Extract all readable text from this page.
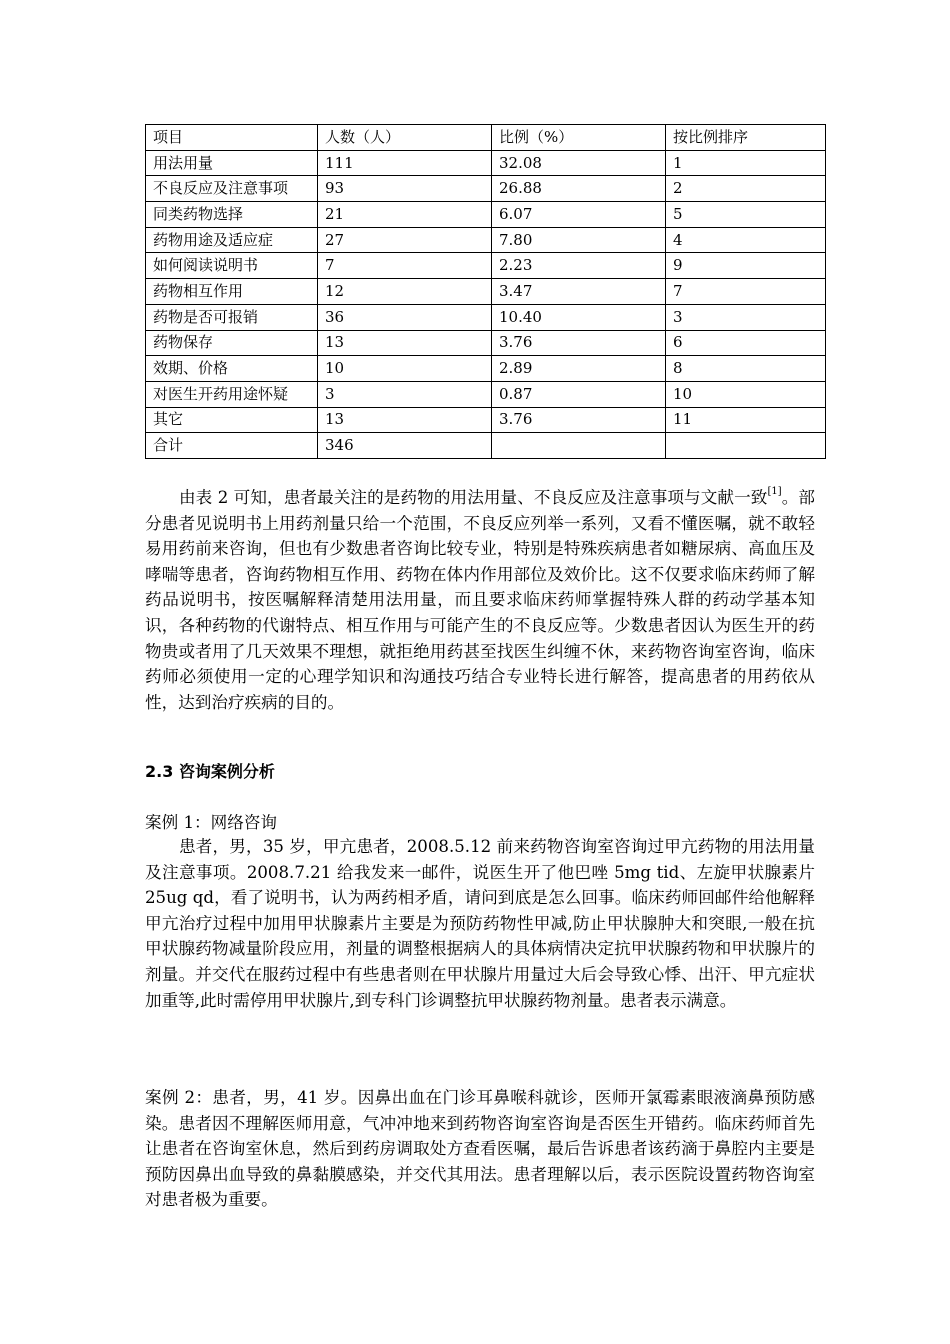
项目	人数（人）	比例（%）	按比例排序
用法用量	111	32.08	1
不良反应及注意事项	93	26.88	2
同类药物选择	21	6.07	5
药物用途及适应症	27	7.80	4
如何阅读说明书	7	2.23	9
药物相互作用	12	3.47	7
药物是否可报销	36	10.40	3
药物保存	13	3.76	6
效期、价格	10	2.89	8
对医生开药用途怀疑	3	0.87	10
其它	13	3.76	11
合计	346		

由表 2 可知，患者最关注的是药物的用法用量、不良反应及注意事项与文献一致[1]。部分患者见说明书上用药剂量只给一个范围，不良反应列举一系列，又看不懂医嘱，就不敢轻易用药前来咨询，但也有少数患者咨询比较专业，特别是特殊疾病患者如糖尿病、高血压及哮喘等患者，咨询药物相互作用、药物在体内作用部位及效价比。这不仅要求临床药师了解药品说明书，按医嘱解释清楚用法用量，而且要求临床药师掌握特殊人群的药动学基本知识，各种药物的代谢特点、相互作用与可能产生的不良反应等。少数患者因认为医生开的药物贵或者用了几天效果不理想，就拒绝用药甚至找医生纠缠不休，来药物咨询室咨询，临床药师必须使用一定的心理学知识和沟通技巧结合专业特长进行解答，提高患者的用药依从性，达到治疗疾病的目的。

2.3 咨询案例分析

案例 1：网络咨询

患者，男，35 岁，甲亢患者，2008.5.12 前来药物咨询室咨询过甲亢药物的用法用量及注意事项。2008.7.21 给我发来一邮件，说医生开了他巴唑 5mg tid、左旋甲状腺素片 25ug qd，看了说明书，认为两药相矛盾，请问到底是怎么回事。临床药师回邮件给他解释甲亢治疗过程中加用甲状腺素片主要是为预防药物性甲减,防止甲状腺肿大和突眼,一般在抗甲状腺药物减量阶段应用，剂量的调整根据病人的具体病情决定抗甲状腺药物和甲状腺片的剂量。并交代在服药过程中有些患者则在甲状腺片用量过大后会导致心悸、出汗、甲亢症状加重等,此时需停用甲状腺片,到专科门诊调整抗甲状腺药物剂量。患者表示满意。

案例 2：患者，男，41 岁。因鼻出血在门诊耳鼻喉科就诊，医师开氯霉素眼液滴鼻预防感染。患者因不理解医师用意，气冲冲地来到药物咨询室咨询是否医生开错药。临床药师首先让患者在咨询室休息，然后到药房调取处方查看医嘱，最后告诉患者该药滴于鼻腔内主要是预防因鼻出血导致的鼻黏膜感染，并交代其用法。患者理解以后，表示医院设置药物咨询室对患者极为重要。
